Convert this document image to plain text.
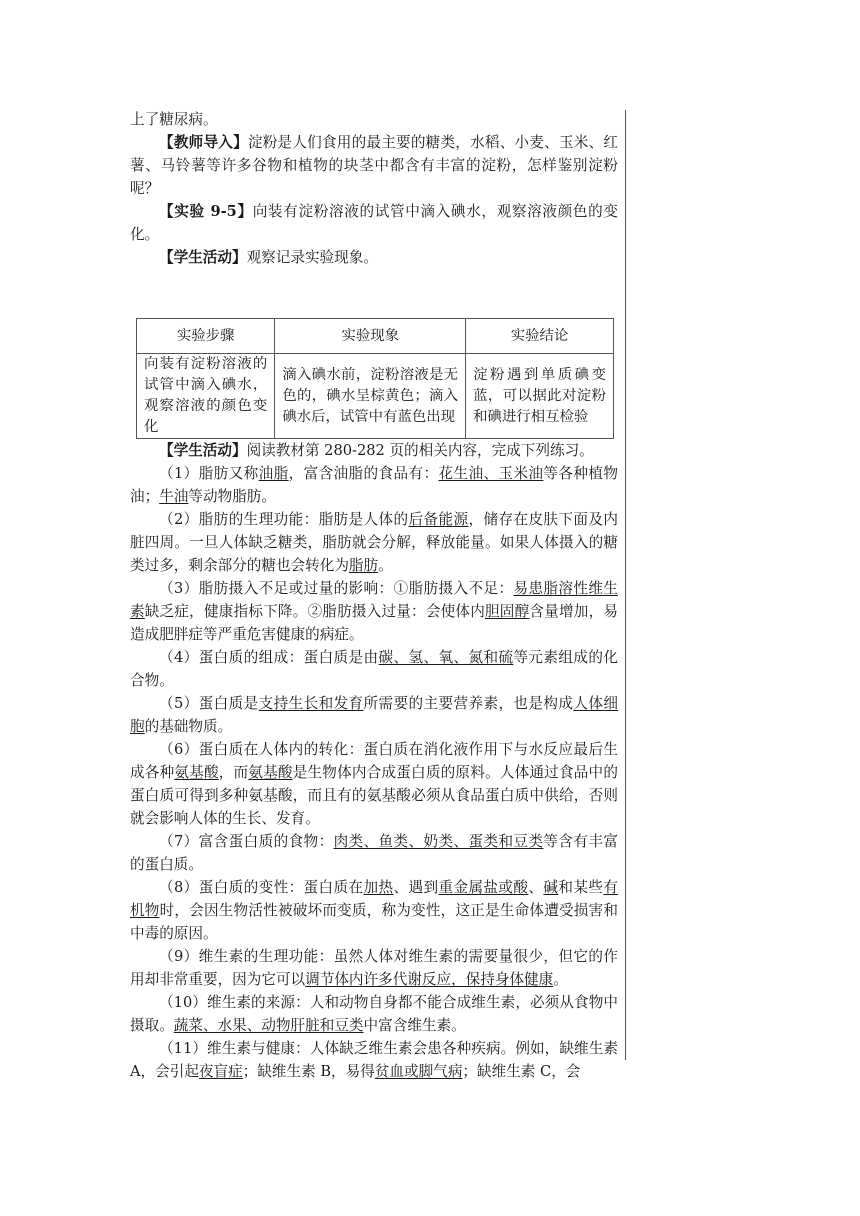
上了糖尿病。

【教师导入】淀粉是人们食用的最主要的糖类，水稻、小麦、玉米、红薯、马铃薯等许多谷物和植物的块茎中都含有丰富的淀粉，怎样鉴别淀粉呢？

【实验 9-5】向装有淀粉溶液的试管中滴入碘水，观察溶液颜色的变化。

【学生活动】观察记录实验现象。

实验步骤	实验现象	实验结论
向装有淀粉溶液的试管中滴入碘水，观察溶液的颜色变化	滴入碘水前，淀粉溶液是无色的，碘水呈棕黄色；滴入碘水后，试管中有蓝色出现	淀粉遇到单质碘变蓝，可以据此对淀粉和碘进行相互检验

【学生活动】阅读教材第 280-282 页的相关内容，完成下列练习。

（1）脂肪又称油脂，富含油脂的食品有：花生油、玉米油等各种植物油；牛油等动物脂肪。

（2）脂肪的生理功能：脂肪是人体的后备能源，储存在皮肤下面及内脏四周。一旦人体缺乏糖类，脂肪就会分解，释放能量。如果人体摄入的糖类过多，剩余部分的糖也会转化为脂肪。

（3）脂肪摄入不足或过量的影响：①脂肪摄入不足：易患脂溶性维生素缺乏症，健康指标下降。②脂肪摄入过量：会使体内胆固醇含量增加，易造成肥胖症等严重危害健康的病症。

（4）蛋白质的组成：蛋白质是由碳、氢、氧、氮和硫等元素组成的化合物。

（5）蛋白质是支持生长和发育所需要的主要营养素，也是构成人体细胞的基础物质。

（6）蛋白质在人体内的转化：蛋白质在消化液作用下与水反应最后生成各种氨基酸，而氨基酸是生物体内合成蛋白质的原料。人体通过食品中的蛋白质可得到多种氨基酸，而且有的氨基酸必须从食品蛋白质中供给，否则就会影响人体的生长、发育。

（7）富含蛋白质的食物：肉类、鱼类、奶类、蛋类和豆类等含有丰富的蛋白质。

（8）蛋白质的变性：蛋白质在加热、遇到重金属盐或酸、碱和某些有机物时，会因生物活性被破坏而变质，称为变性，这正是生命体遭受损害和中毒的原因。

（9）维生素的生理功能：虽然人体对维生素的需要量很少，但它的作用却非常重要，因为它可以调节体内许多代谢反应，保持身体健康。

（10）维生素的来源：人和动物自身都不能合成维生素，必须从食物中摄取。蔬菜、水果、动物肝脏和豆类中富含维生素。

（11）维生素与健康：人体缺乏维生素会患各种疾病。例如，缺维生素 A，会引起夜盲症；缺维生素 B，易得贫血或脚气病；缺维生素 C，会
